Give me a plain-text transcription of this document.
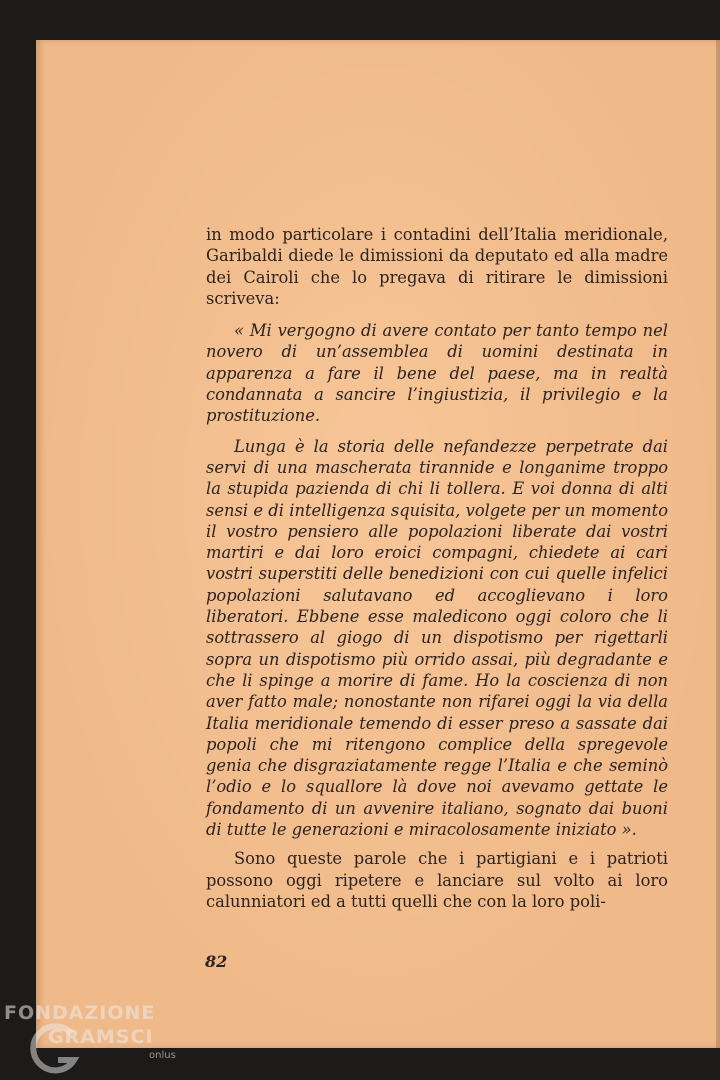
in modo particolare i contadini dell’Italia meridionale, Garibaldi diede le dimissioni da deputato ed alla madre dei Cairoli che lo pregava di ritirare le dimissioni scriveva:

« Mi vergogno di avere contato per tanto tempo nel novero di un’assemblea di uomini destinata in apparenza a fare il bene del paese, ma in realtà condannata a sancire l’ingiustizia, il privilegio e la prostituzione.

Lunga è la storia delle nefandezze perpetrate dai servi di una mascherata tirannide e longanime troppo la stupida pazienda di chi li tollera. E voi donna di alti sensi e di intelligenza squisita, volgete per un momento il vostro pensiero alle popolazioni liberate dai vostri martiri e dai loro eroici compagni, chiedete ai cari vostri superstiti delle benedizioni con cui quelle infelici popolazioni salutavano ed accoglievano i loro liberatori. Ebbene esse maledicono oggi coloro che li sottrassero al giogo di un dispotismo per rigettarli sopra un dispotismo più orrido assai, più degradante e che li spinge a morire di fame. Ho la coscienza di non aver fatto male; nonostante non rifarei oggi la via della Italia meridionale temendo di esser preso a sassate dai popoli che mi ritengono complice della spregevole genia che disgraziatamente regge l’Italia e che seminò l’odio e lo squallore là dove noi avevamo gettate le fondamento di un avvenire italiano, sognato dai buoni di tutte le generazioni e miracolosamente iniziato ».

Sono queste parole che i partigiani e i patrioti possono oggi ripetere e lanciare sul volto ai loro calunniatori ed a tutti quelli che con la loro poli-

82
FONDAZIONE
GRAMSCI
onlus
